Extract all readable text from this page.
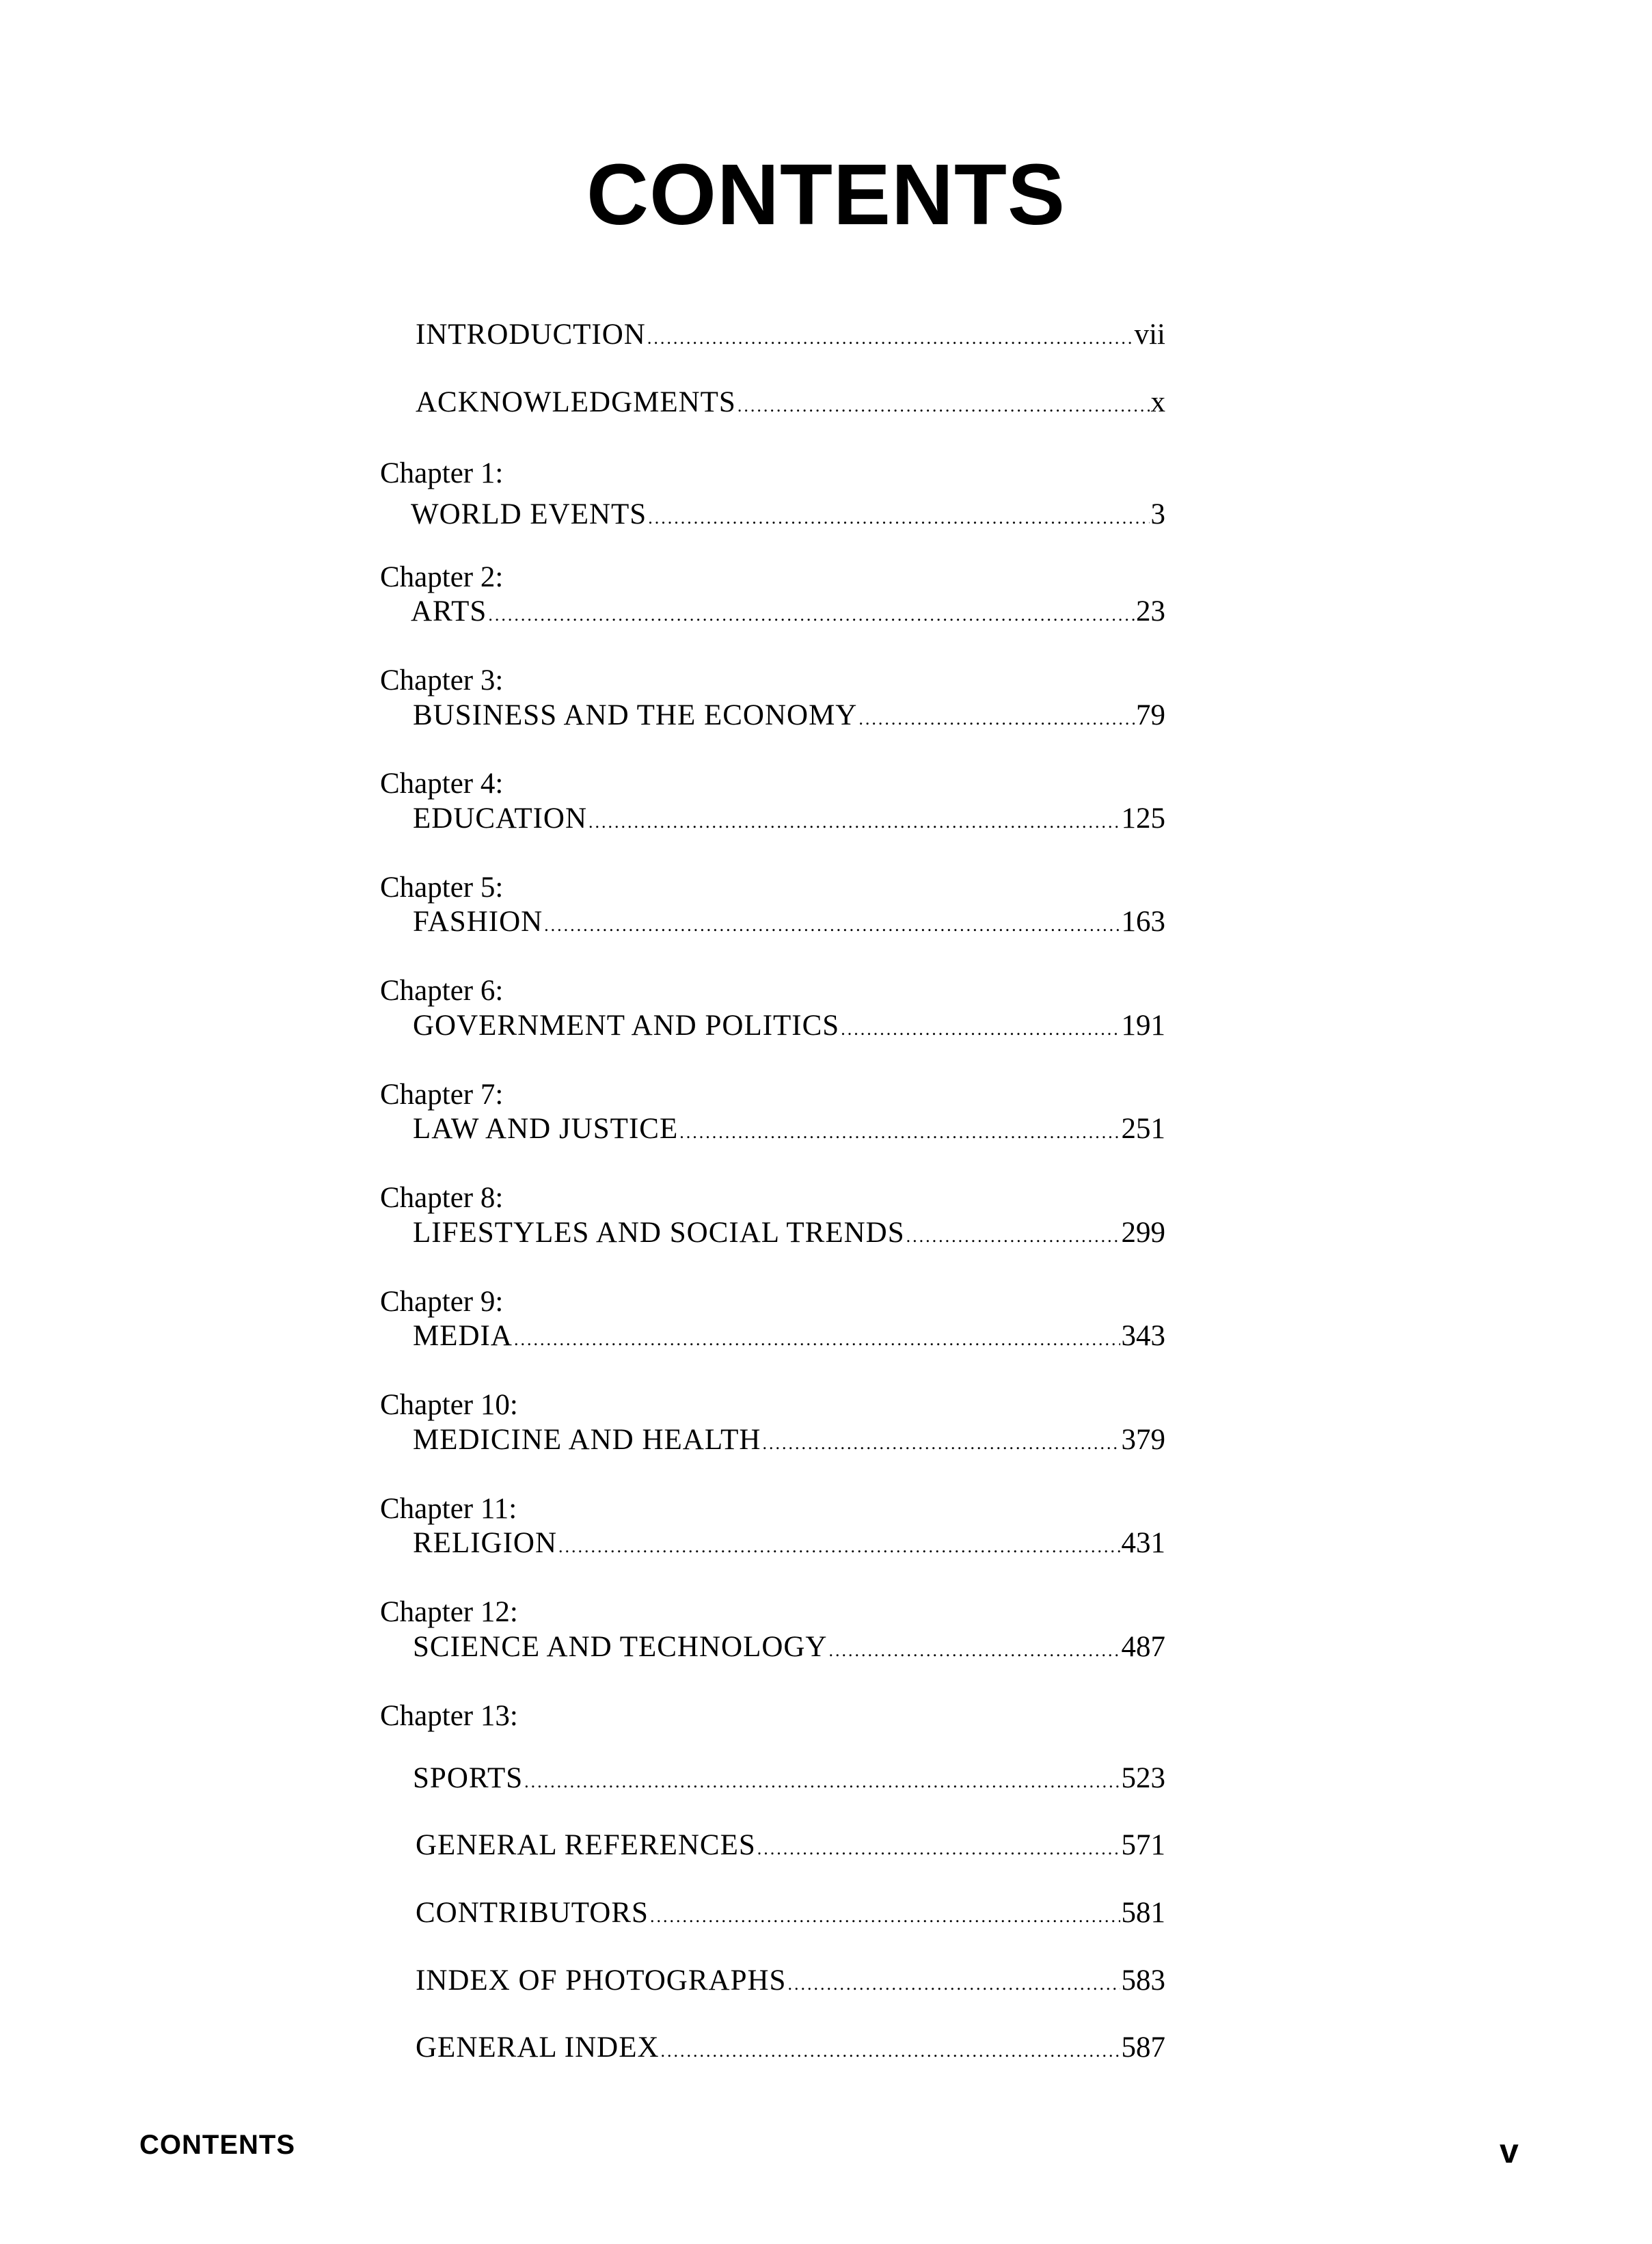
CONTENTS
INTRODUCTION .....	vii
ACKNOWLEDGMENTS .....	x
Chapter 1:
WORLD EVENTS .....	3
Chapter 2:
ARTS .....	23
Chapter 3:
BUSINESS AND THE ECONOMY .....	79
Chapter 4:
EDUCATION .....	125
Chapter 5:
FASHION .....	163
Chapter 6:
GOVERNMENT AND POLITICS .....	191
Chapter 7:
LAW AND JUSTICE .....	251
Chapter 8:
LIFESTYLES AND SOCIAL TRENDS .....	299
Chapter 9:
MEDIA .....	343
Chapter 10:
MEDICINE AND HEALTH .....	379
Chapter 11:
RELIGION .....	431
Chapter 12:
SCIENCE AND TECHNOLOGY .....	487
Chapter 13:
SPORTS .....	523
GENERAL REFERENCES .....	571
CONTRIBUTORS .....	581
INDEX OF PHOTOGRAPHS .....	583
GENERAL INDEX .....	587
CONTENTS	v
